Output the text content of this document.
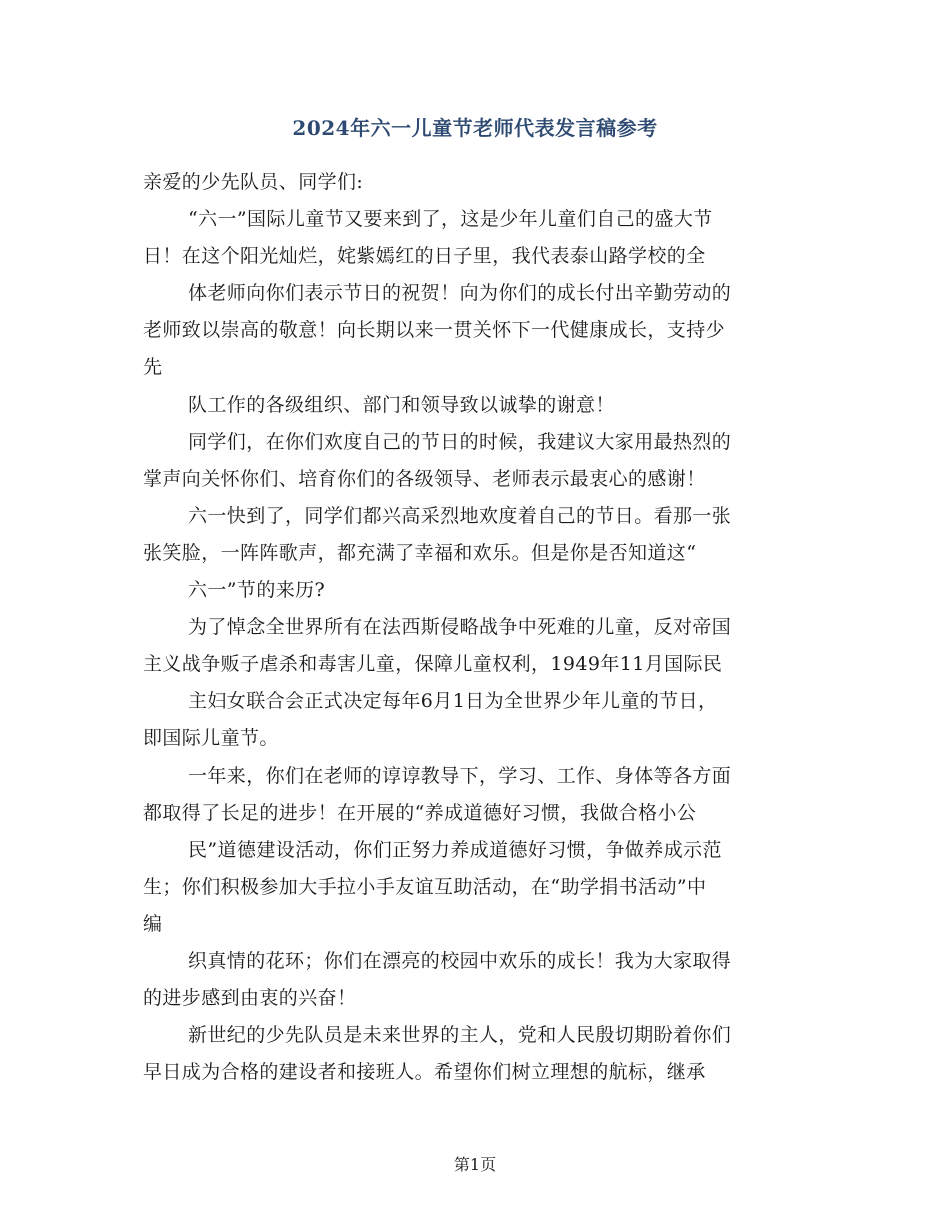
2024年六一儿童节老师代表发言稿参考
亲爱的少先队员、同学们:
“六一”国际儿童节又要来到了，这是少年儿童们自己的盛大节
日！在这个阳光灿烂，姹紫嫣红的日子里，我代表泰山路学校的全
体老师向你们表示节日的祝贺！向为你们的成长付出辛勤劳动的
老师致以崇高的敬意！向长期以来一贯关怀下一代健康成长，支持少
先
队工作的各级组织、部门和领导致以诚挚的谢意！
同学们，在你们欢度自己的节日的时候，我建议大家用最热烈的
掌声向关怀你们、培育你们的各级领导、老师表示最衷心的感谢！
六一快到了，同学们都兴高采烈地欢度着自己的节日。看那一张
张笑脸，一阵阵歌声，都充满了幸福和欢乐。但是你是否知道这“
六一”节的来历?
为了悼念全世界所有在法西斯侵略战争中死难的儿童，反对帝国
主义战争贩子虐杀和毒害儿童，保障儿童权利，1949年11月国际民
主妇女联合会正式决定每年6月1日为全世界少年儿童的节日，
即国际儿童节。
一年来，你们在老师的谆谆教导下，学习、工作、身体等各方面
都取得了长足的进步！在开展的“养成道德好习惯，我做合格小公
民”道德建设活动，你们正努力养成道德好习惯，争做养成示范
生；你们积极参加大手拉小手友谊互助活动，在“助学捐书活动”中
编
织真情的花环；你们在漂亮的校园中欢乐的成长！我为大家取得
的进步感到由衷的兴奋！
新世纪的少先队员是未来世界的主人，党和人民殷切期盼着你们
早日成为合格的建设者和接班人。希望你们树立理想的航标，继承
第1页
